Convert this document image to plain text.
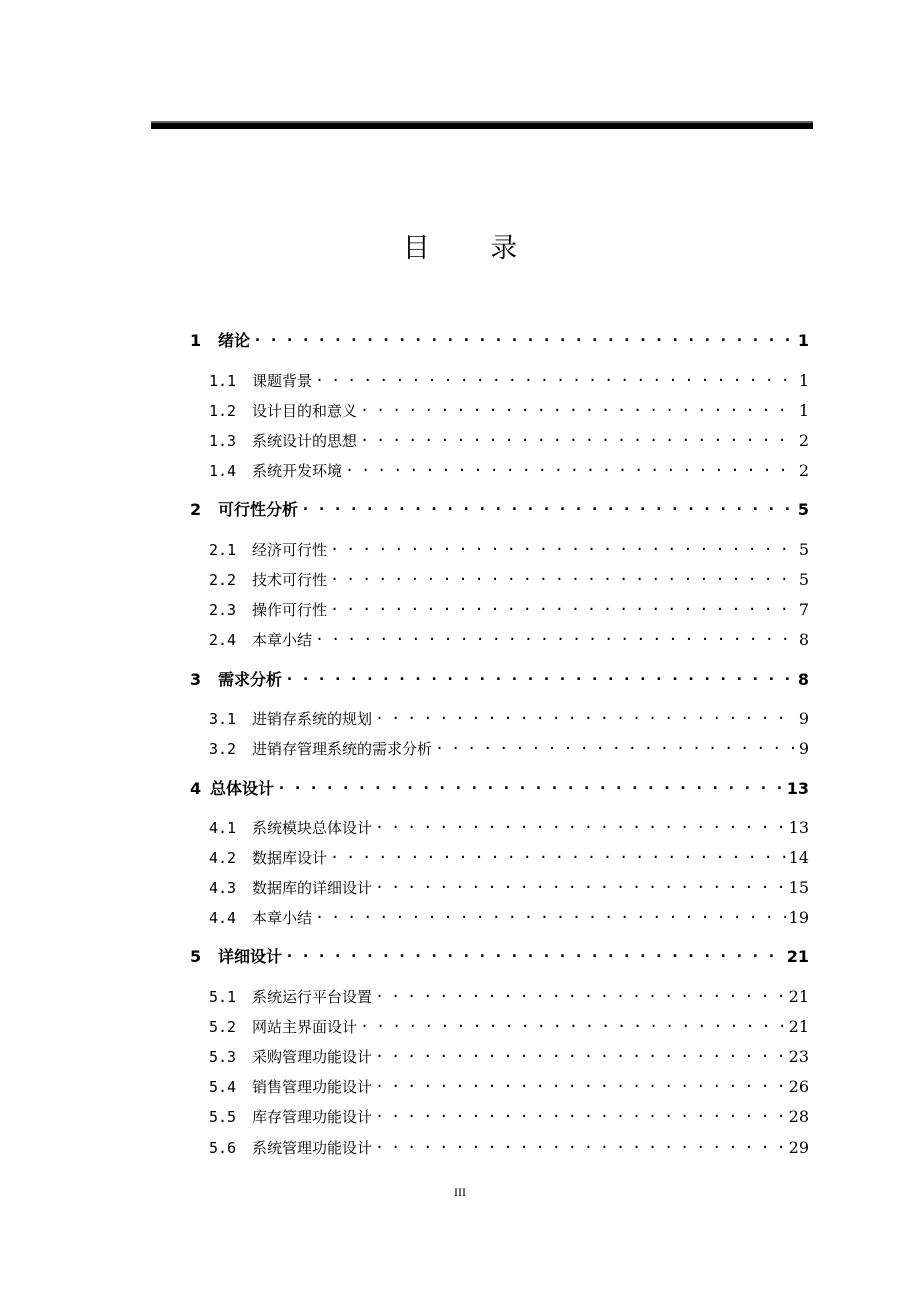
目 录
1	绪论 . . .	1
1.1	课题背景 . . .	1
1.2	设计目的和意义 . . .	1
1.3	系统设计的思想 . . .	2
1.4	系统开发环境 . . .	2
2	可行性分析 . . .	5
2.1	经济可行性 . . .	5
2.2	技术可行性 . . .	5
2.3	操作可行性 . . .	7
2.4	本章小结 . . .	8
3	需求分析 . . .	8
3.1	进销存系统的规划 . . .	9
3.2	进销存管理系统的需求分析 . . .	9
4 总体设计 . . .	13
4.1	系统模块总体设计 . . .	13
4.2	数据库设计 . . .	14
4.3	数据库的详细设计 . . .	15
4.4	本章小结 . . .	19
5	详细设计 . . .	21
5.1	系统运行平台设置 . . .	21
5.2	网站主界面设计 . . .	21
5.3	采购管理功能设计 . . .	23
5.4	销售管理功能设计 . . .	26
5.5	库存管理功能设计 . . .	28
5.6	系统管理功能设计 . . .	29
III
